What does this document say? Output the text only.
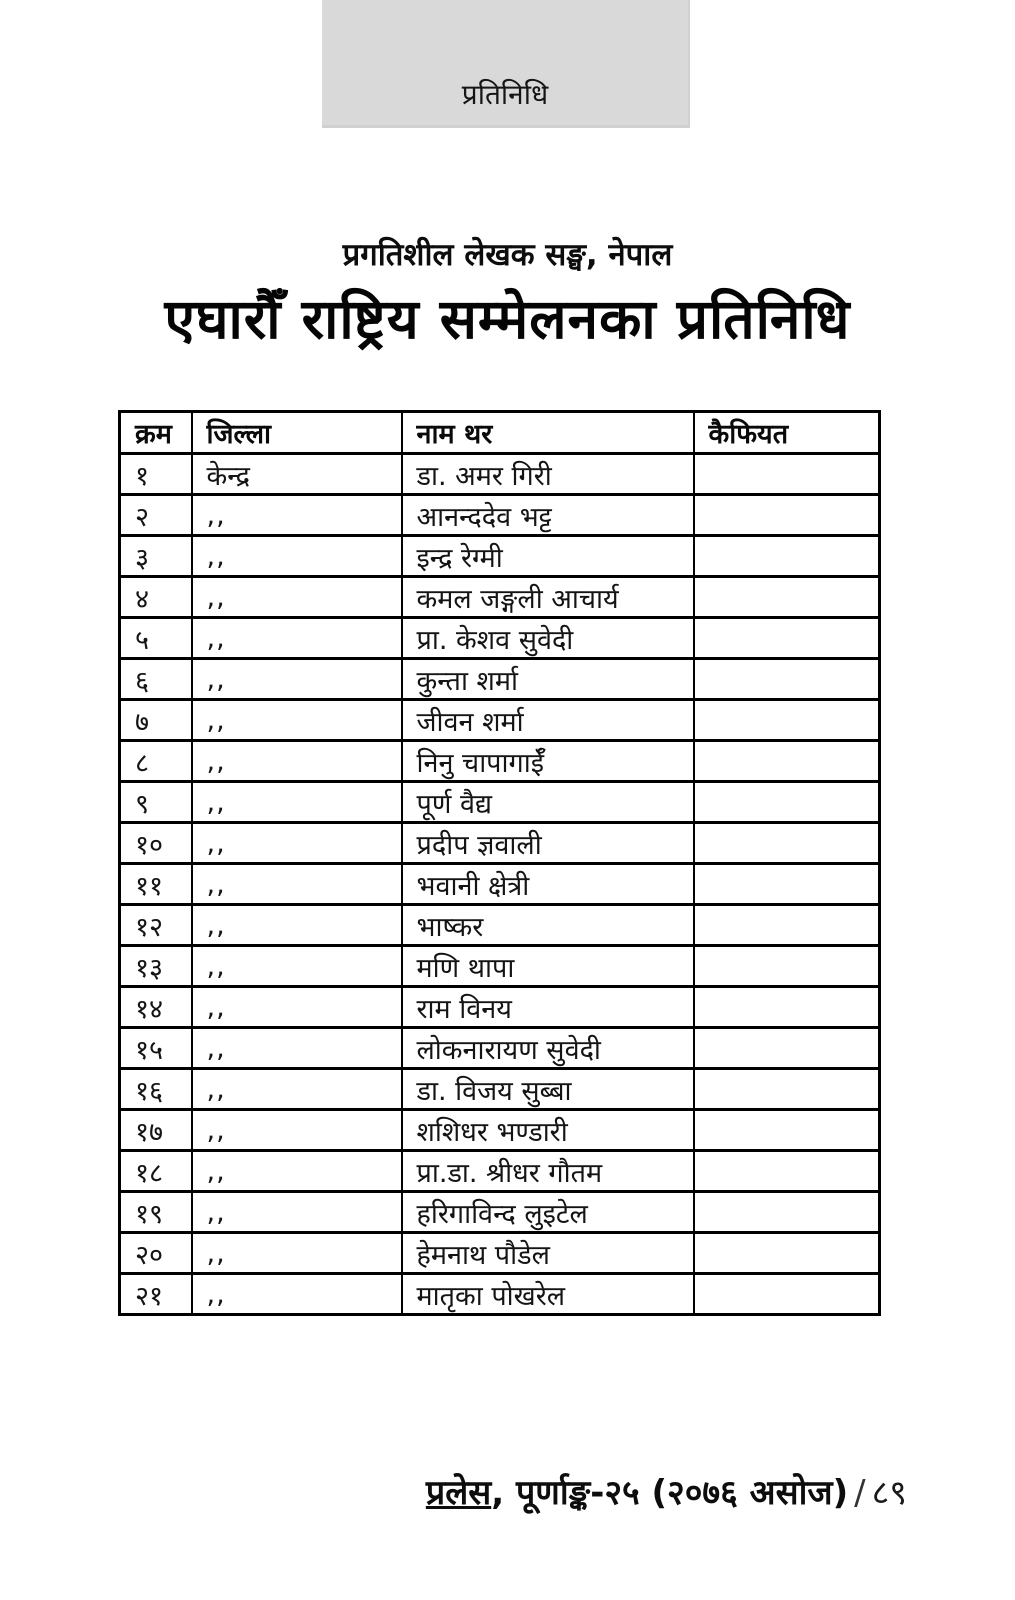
प्रतिनिधि
प्रगतिशील लेखक सङ्घ, नेपाल
एघारौँ राष्ट्रिय सम्मेलनका प्रतिनिधि
क्रम	जिल्ला	नाम थर	कैफियत
१	केन्द्र	डा. अमर गिरी	
२	,,	आनन्ददेव भट्ट	
३	,,	इन्द्र रेग्मी	
४	,,	कमल जङ्गली आचार्य	
५	,,	प्रा. केशव सुवेदी	
६	,,	कुन्ता शर्मा	
७	,,	जीवन शर्मा	
८	,,	निनु चापागाईँ	
९	,,	पूर्ण वैद्य	
१०	,,	प्रदीप ज्ञवाली	
११	,,	भवानी क्षेत्री	
१२	,,	भाष्कर	
१३	,,	मणि थापा	
१४	,,	राम विनय	
१५	,,	लोकनारायण सुवेदी	
१६	,,	डा. विजय सुब्बा	
१७	,,	शशिधर भण्डारी	
१८	,,	प्रा.डा. श्रीधर गौतम	
१९	,,	हरिगाविन्द लुइटेल	
२०	,,	हेमनाथ पौडेल	
२१	,,	मातृका पोखरेल	
प्रलेस, पूर्णाङ्क-२५ (२०७६ असोज) / ८९
